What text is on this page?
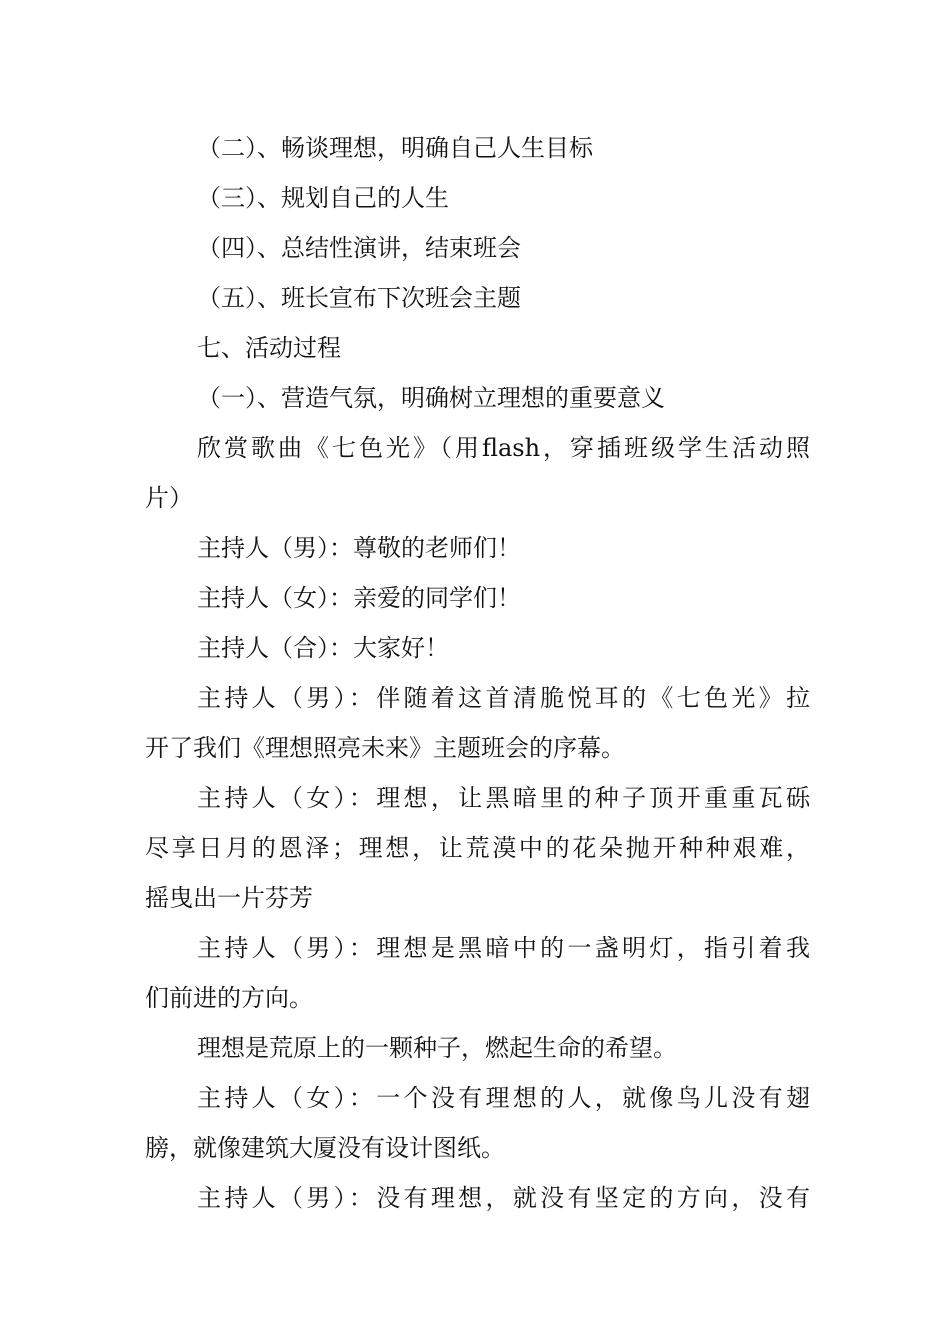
（二）、畅谈理想，明确自己人生目标
（三）、规划自己的人生
（四）、总结性演讲，结束班会
（五）、班长宣布下次班会主题
七、活动过程
（一）、营造气氛，明确树立理想的重要意义
欣赏歌曲《七色光》（用flash，穿插班级学生活动照
片）
主持人（男）：尊敬的老师们！
主持人（女）：亲爱的同学们！
主持人（合）：大家好！
主持人（男）：伴随着这首清脆悦耳的《七色光》拉
开了我们《理想照亮未来》主题班会的序幕。
主持人（女）：理想，让黑暗里的种子顶开重重瓦砾
尽享日月的恩泽；理想，让荒漠中的花朵抛开种种艰难，
摇曳出一片芬芳
主持人（男）：理想是黑暗中的一盏明灯，指引着我
们前进的方向。
理想是荒原上的一颗种子，燃起生命的希望。
主持人（女）：一个没有理想的人，就像鸟儿没有翅
膀，就像建筑大厦没有设计图纸。
主持人（男）：没有理想，就没有坚定的方向，没有
